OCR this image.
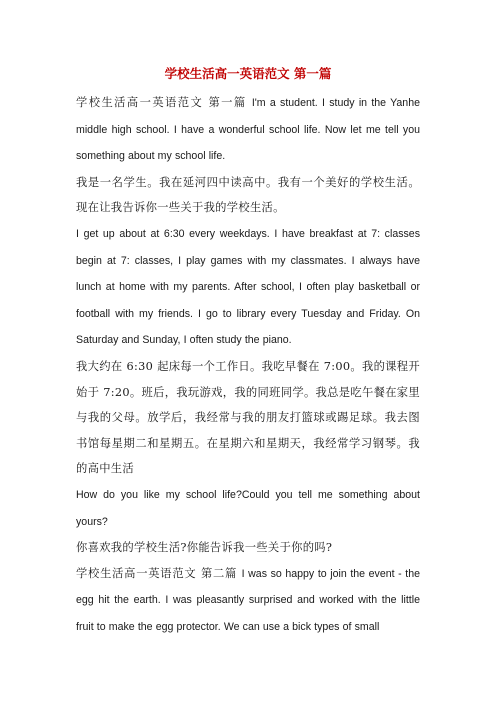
学校生活高一英语范文 第一篇

学校生活高一英语范文 第一篇 I'm a student. I study in the Yanhe middle high school. I have a wonderful school life. Now let me tell you something about my school life.

我是一名学生。我在延河四中读高中。我有一个美好的学校生活。现在让我告诉你一些关于我的学校生活。

I get up about at 6:30 every weekdays. I have breakfast at 7: classes begin at 7: classes, I play games with my classmates. I always have lunch at home with my parents. After school, I often play basketball or football with my friends. I go to library every Tuesday and Friday. On Saturday and Sunday, I often study the piano.

我大约在 6:30 起床每一个工作日。我吃早餐在 7:00。我的课程开始于 7:20。班后，我玩游戏，我的同班同学。我总是吃午餐在家里与我的父母。放学后，我经常与我的朋友打篮球或踢足球。我去图书馆每星期二和星期五。在星期六和星期天，我经常学习钢琴。我的高中生活

How do you like my school life?Could you tell me something about yours?

你喜欢我的学校生活?你能告诉我一些关于你的吗?

学校生活高一英语范文 第二篇 I was so happy to join the event - the egg hit the earth. I was pleasantly surprised and worked with the little fruit to make the egg protector. We can use a bick types of small
